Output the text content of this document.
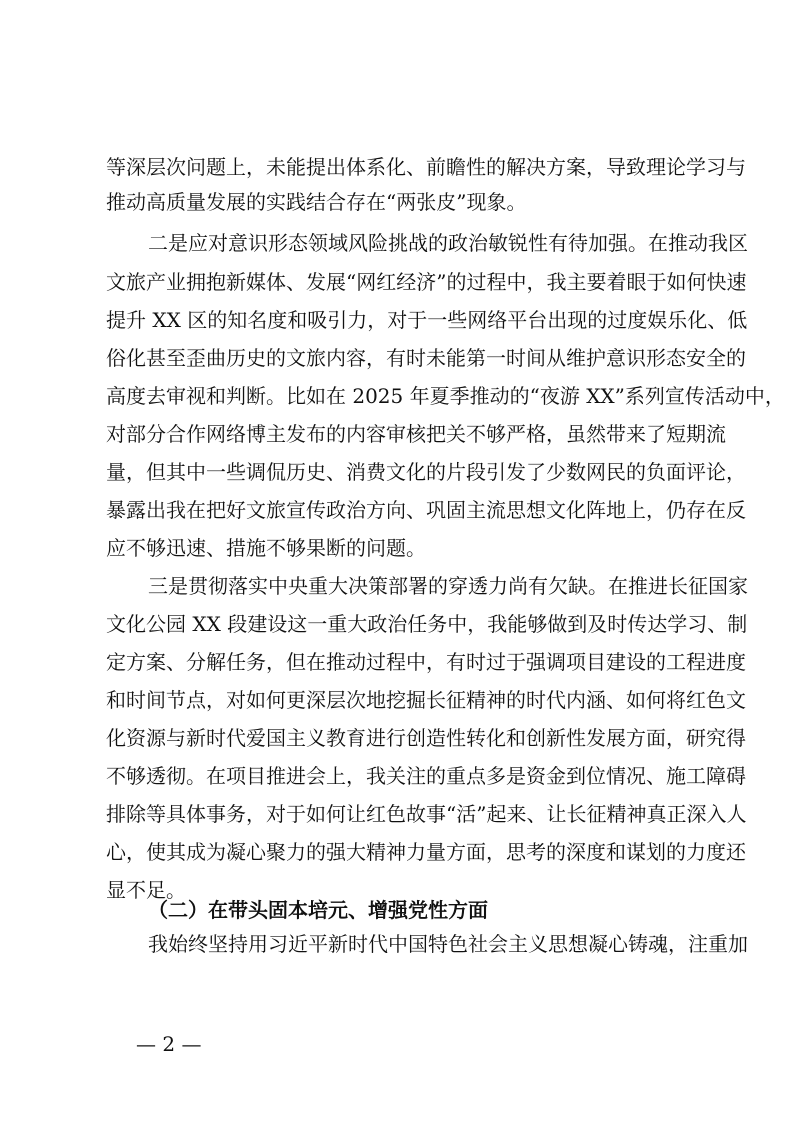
等深层次问题上，未能提出体系化、前瞻性的解决方案，导致理论学习与
推动高质量发展的实践结合存在“两张皮”现象。
二是应对意识形态领域风险挑战的政治敏锐性有待加强。在推动我区
文旅产业拥抱新媒体、发展“网红经济”的过程中，我主要着眼于如何快速
提升 XX 区的知名度和吸引力，对于一些网络平台出现的过度娱乐化、低
俗化甚至歪曲历史的文旅内容，有时未能第一时间从维护意识形态安全的
高度去审视和判断。比如在 2025 年夏季推动的“夜游 XX”系列宣传活动中，
对部分合作网络博主发布的内容审核把关不够严格，虽然带来了短期流
量，但其中一些调侃历史、消费文化的片段引发了少数网民的负面评论，
暴露出我在把好文旅宣传政治方向、巩固主流思想文化阵地上，仍存在反
应不够迅速、措施不够果断的问题。
三是贯彻落实中央重大决策部署的穿透力尚有欠缺。在推进长征国家
文化公园 XX 段建设这一重大政治任务中，我能够做到及时传达学习、制
定方案、分解任务，但在推动过程中，有时过于强调项目建设的工程进度
和时间节点，对如何更深层次地挖掘长征精神的时代内涵、如何将红色文
化资源与新时代爱国主义教育进行创造性转化和创新性发展方面，研究得
不够透彻。在项目推进会上，我关注的重点多是资金到位情况、施工障碍
排除等具体事务，对于如何让红色故事“活”起来、让长征精神真正深入人
心，使其成为凝心聚力的强大精神力量方面，思考的深度和谋划的力度还
显不足。
（二）在带头固本培元、增强党性方面
我始终坚持用习近平新时代中国特色社会主义思想凝心铸魂，注重加
— 2 —
